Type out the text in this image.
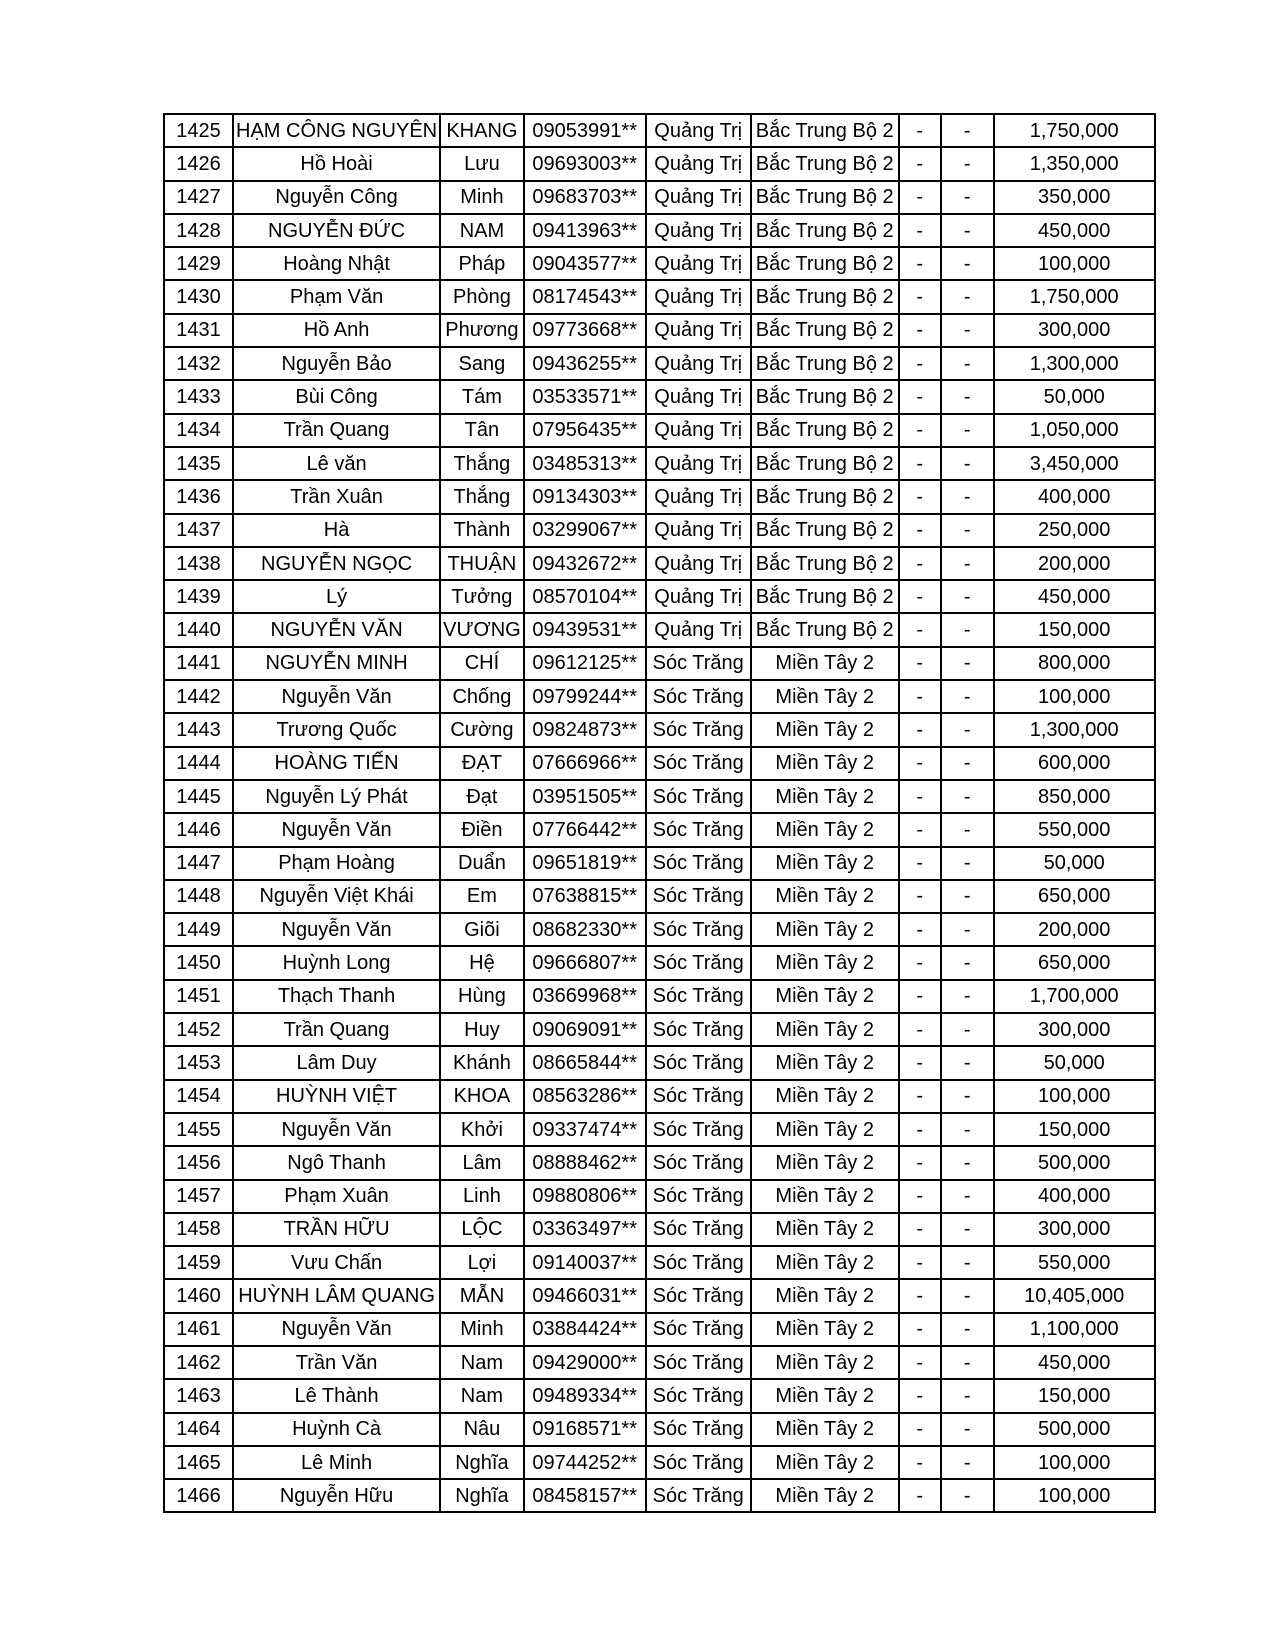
1425	HẠM CÔNG NGUYÊN	KHANG	09053991**	Quảng Trị	Bắc Trung Bộ 2	-	-	1,750,000
1426	Hồ Hoài	Lưu	09693003**	Quảng Trị	Bắc Trung Bộ 2	-	-	1,350,000
1427	Nguyễn Công	Minh	09683703**	Quảng Trị	Bắc Trung Bộ 2	-	-	350,000
1428	NGUYỄN ĐỨC	NAM	09413963**	Quảng Trị	Bắc Trung Bộ 2	-	-	450,000
1429	Hoàng Nhật	Pháp	09043577**	Quảng Trị	Bắc Trung Bộ 2	-	-	100,000
1430	Phạm Văn	Phòng	08174543**	Quảng Trị	Bắc Trung Bộ 2	-	-	1,750,000
1431	Hồ Anh	Phương	09773668**	Quảng Trị	Bắc Trung Bộ 2	-	-	300,000
1432	Nguyễn Bảo	Sang	09436255**	Quảng Trị	Bắc Trung Bộ 2	-	-	1,300,000
1433	Bùi Công	Tám	03533571**	Quảng Trị	Bắc Trung Bộ 2	-	-	50,000
1434	Trần Quang	Tân	07956435**	Quảng Trị	Bắc Trung Bộ 2	-	-	1,050,000
1435	Lê văn	Thắng	03485313**	Quảng Trị	Bắc Trung Bộ 2	-	-	3,450,000
1436	Trần Xuân	Thắng	09134303**	Quảng Trị	Bắc Trung Bộ 2	-	-	400,000
1437	Hà	Thành	03299067**	Quảng Trị	Bắc Trung Bộ 2	-	-	250,000
1438	NGUYỄN NGỌC	THUẬN	09432672**	Quảng Trị	Bắc Trung Bộ 2	-	-	200,000
1439	Lý	Tưởng	08570104**	Quảng Trị	Bắc Trung Bộ 2	-	-	450,000
1440	NGUYỄN VĂN	VƯƠNG	09439531**	Quảng Trị	Bắc Trung Bộ 2	-	-	150,000
1441	NGUYỄN MINH	CHÍ	09612125**	Sóc Trăng	Miền Tây 2	-	-	800,000
1442	Nguyễn Văn	Chống	09799244**	Sóc Trăng	Miền Tây 2	-	-	100,000
1443	Trương Quốc	Cường	09824873**	Sóc Trăng	Miền Tây 2	-	-	1,300,000
1444	HOÀNG TIẾN	ĐẠT	07666966**	Sóc Trăng	Miền Tây 2	-	-	600,000
1445	Nguyễn Lý Phát	Đạt	03951505**	Sóc Trăng	Miền Tây 2	-	-	850,000
1446	Nguyễn Văn	Điền	07766442**	Sóc Trăng	Miền Tây 2	-	-	550,000
1447	Phạm Hoàng	Duẩn	09651819**	Sóc Trăng	Miền Tây 2	-	-	50,000
1448	Nguyễn Việt Khái	Em	07638815**	Sóc Trăng	Miền Tây 2	-	-	650,000
1449	Nguyễn Văn	Giõi	08682330**	Sóc Trăng	Miền Tây 2	-	-	200,000
1450	Huỳnh Long	Hệ	09666807**	Sóc Trăng	Miền Tây 2	-	-	650,000
1451	Thạch Thanh	Hùng	03669968**	Sóc Trăng	Miền Tây 2	-	-	1,700,000
1452	Trần Quang	Huy	09069091**	Sóc Trăng	Miền Tây 2	-	-	300,000
1453	Lâm Duy	Khánh	08665844**	Sóc Trăng	Miền Tây 2	-	-	50,000
1454	HUỲNH VIỆT	KHOA	08563286**	Sóc Trăng	Miền Tây 2	-	-	100,000
1455	Nguyễn Văn	Khởi	09337474**	Sóc Trăng	Miền Tây 2	-	-	150,000
1456	Ngô Thanh	Lâm	08888462**	Sóc Trăng	Miền Tây 2	-	-	500,000
1457	Phạm Xuân	Linh	09880806**	Sóc Trăng	Miền Tây 2	-	-	400,000
1458	TRẦN HỮU	LỘC	03363497**	Sóc Trăng	Miền Tây 2	-	-	300,000
1459	Vưu Chấn	Lợi	09140037**	Sóc Trăng	Miền Tây 2	-	-	550,000
1460	HUỲNH LÂM QUANG	MẪN	09466031**	Sóc Trăng	Miền Tây 2	-	-	10,405,000
1461	Nguyễn Văn	Minh	03884424**	Sóc Trăng	Miền Tây 2	-	-	1,100,000
1462	Trần Văn	Nam	09429000**	Sóc Trăng	Miền Tây 2	-	-	450,000
1463	Lê Thành	Nam	09489334**	Sóc Trăng	Miền Tây 2	-	-	150,000
1464	Huỳnh Cà	Nâu	09168571**	Sóc Trăng	Miền Tây 2	-	-	500,000
1465	Lê Minh	Nghĩa	09744252**	Sóc Trăng	Miền Tây 2	-	-	100,000
1466	Nguyễn Hữu	Nghĩa	08458157**	Sóc Trăng	Miền Tây 2	-	-	100,000
